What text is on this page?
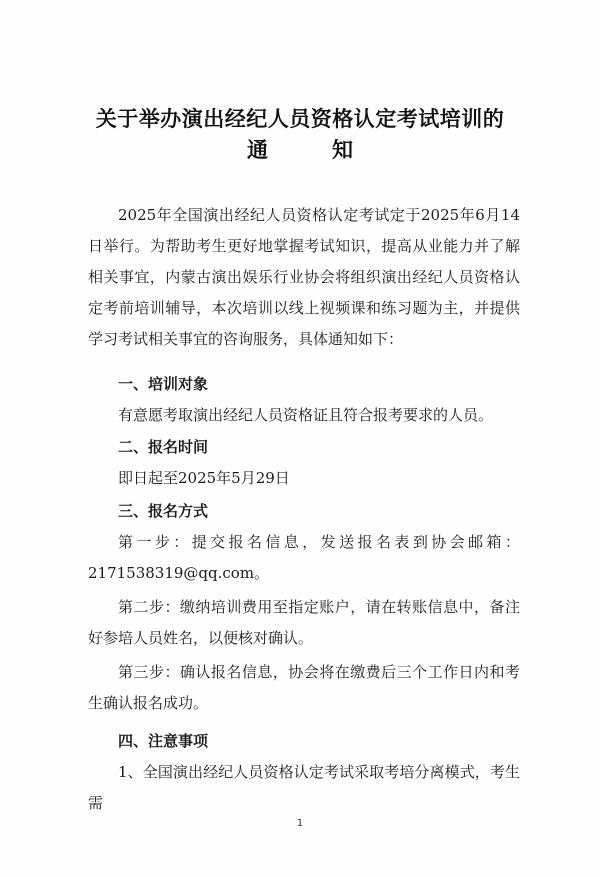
关于举办演出经纪人员资格认定考试培训的
通知

2025年全国演出经纪人员资格认定考试定于2025年6月14日举行。为帮助考生更好地掌握考试知识，提高从业能力并了解相关事宜，内蒙古演出娱乐行业协会将组织演出经纪人员资格认定考前培训辅导，本次培训以线上视频课和练习题为主，并提供学习考试相关事宜的咨询服务，具体通知如下：

一、培训对象

有意愿考取演出经纪人员资格证且符合报考要求的人员。

二、报名时间

即日起至2025年5月29日

三、报名方式

第一步：提交报名信息，发送报名表到协会邮箱：2171538319@qq.com。

第二步：缴纳培训费用至指定账户，请在转账信息中，备注好参培人员姓名，以便核对确认。

第三步：确认报名信息，协会将在缴费后三个工作日内和考生确认报名成功。

四、注意事项

1、全国演出经纪人员资格认定考试采取考培分离模式，考生需

1
